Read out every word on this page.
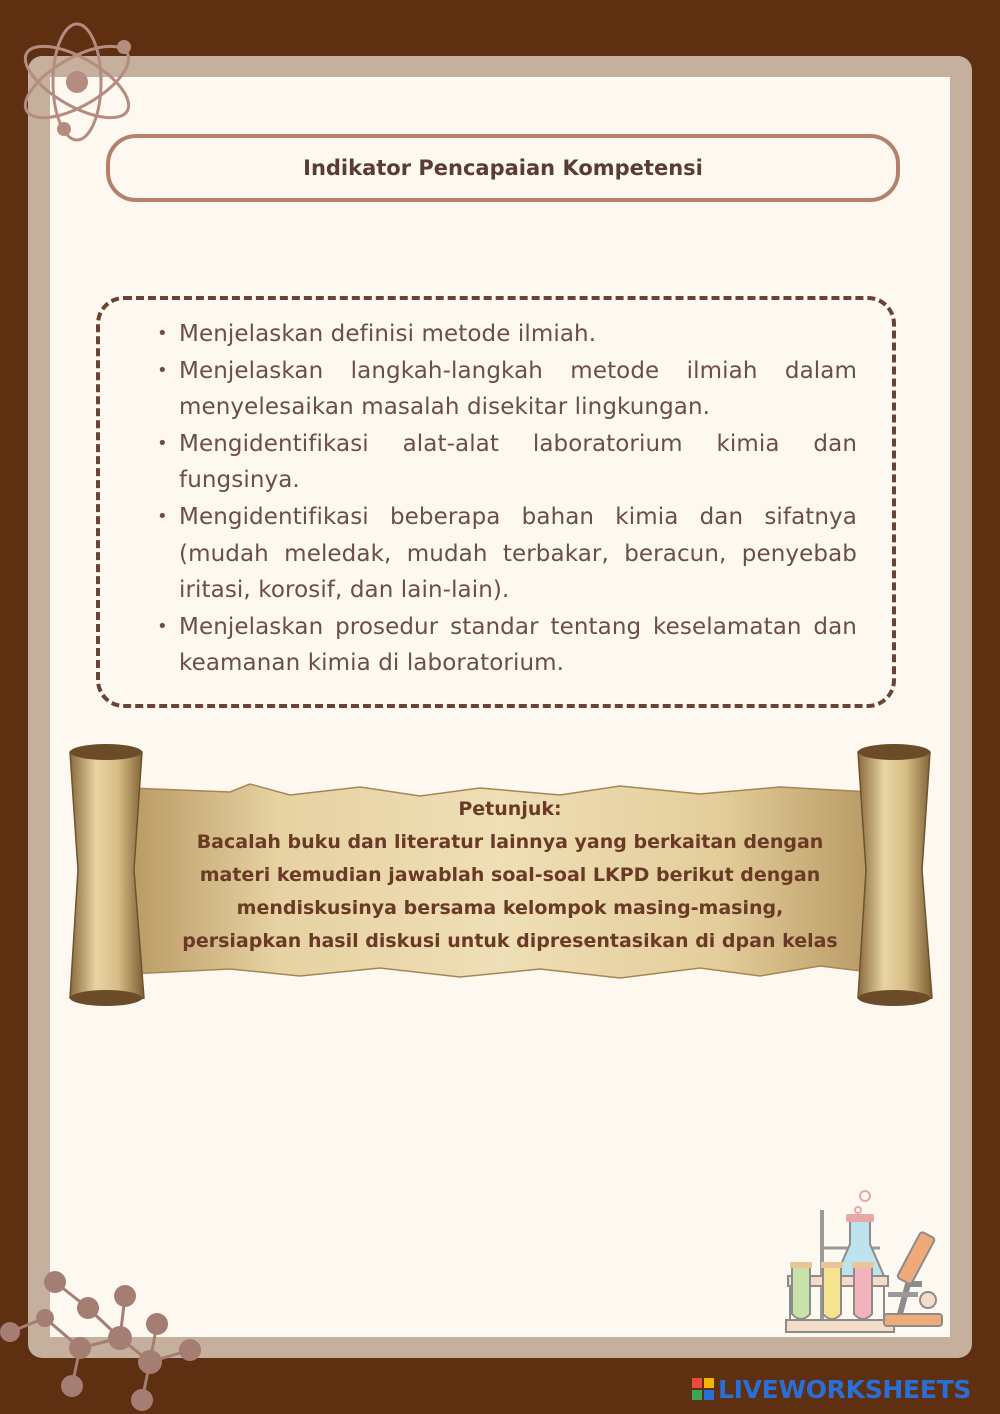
Indikator Pencapaian Kompetensi
• Menjelaskan definisi metode ilmiah.
• Menjelaskan langkah-langkah metode ilmiah dalam menyelesaikan masalah disekitar lingkungan.
• Mengidentifikasi alat-alat laboratorium kimia dan fungsinya.
• Mengidentifikasi beberapa bahan kimia dan sifatnya (mudah meledak, mudah terbakar, beracun, penyebab iritasi, korosif, dan lain-lain).
• Menjelaskan prosedur standar tentang keselamatan dan keamanan kimia di laboratorium.
Petunjuk:
Bacalah buku dan literatur lainnya yang berkaitan dengan
materi kemudian jawablah soal-soal LKPD berikut dengan
mendiskusinya bersama kelompok masing-masing,
persiapkan hasil diskusi untuk dipresentasikan di dpan kelas
LIVEWORKSHEETS
